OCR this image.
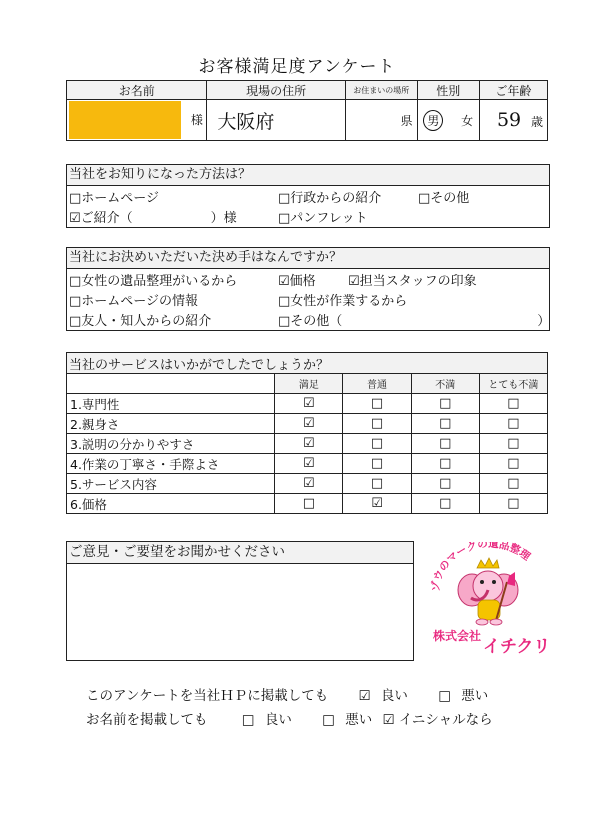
お客様満足度アンケート
お名前	現場の住所	お住まいの場所	性別	ご年齢
様	大阪府	県	男 女	59 歳
当社をお知りになった方法は？
□ホームページ	□行政からの紹介	□その他
☑ご紹介（　　　　　　）様	□パンフレット
当社にお決めいただいた決め手はなんですか？
□女性の遺品整理がいるから	☑価格 ☑担当スタッフの印象
□ホームページの情報	□女性が作業するから
□友人・知人からの紹介	□その他（　　　　　　　　　　　　　　　）
当社のサービスはいかがでしたでしょうか？				
	満足	普通	不満	とても不満
1.専門性	☑	□	□	□
2.親身さ	☑	□	□	□
3.説明の分かりやすさ	☑	□	□	□
4.作業の丁寧さ・手際よさ	☑	□	□	□
5.サービス内容	☑	□	□	□
6.価格	□	☑	□	□
ご意見・ご要望をお聞かせください
ゾウのマークの遺品整理
株式会社
イチクリ
このアンケートを当社ＨＰに掲載しても ☑ 良い □ 悪い
お名前を掲載しても	□ 良い □ 悪い ☑ イニシャルなら
